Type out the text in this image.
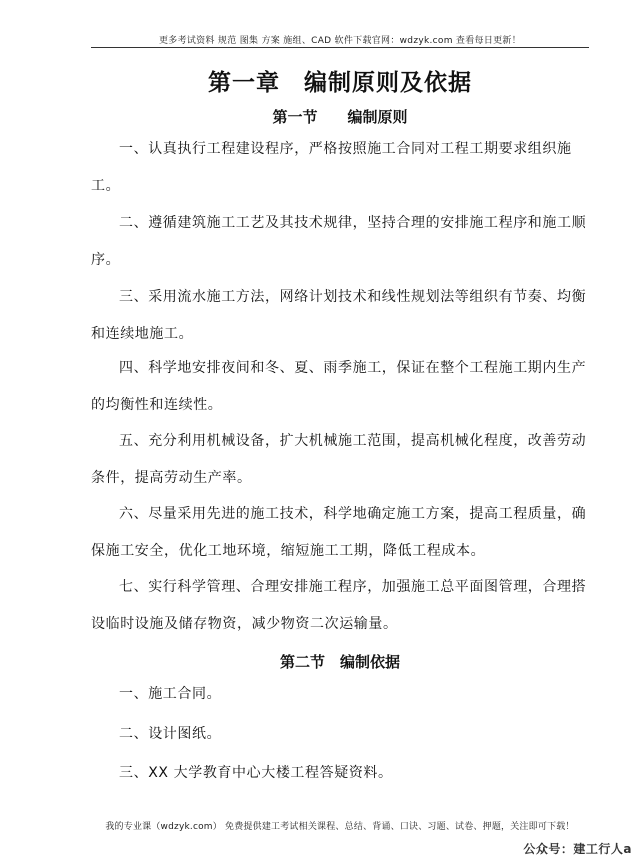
更多考试资料 规范 图集 方案 施组、CAD 软件下载官网：wdzyk.com 查看每日更新！
第一章　编制原则及依据
第一节　　编制原则

一、认真执行工程建设程序，严格按照施工合同对工程工期要求组织施工。

二、遵循建筑施工工艺及其技术规律，坚持合理的安排施工程序和施工顺序。

三、采用流水施工方法，网络计划技术和线性规划法等组织有节奏、均衡和连续地施工。

四、科学地安排夜间和冬、夏、雨季施工，保证在整个工程施工期内生产的均衡性和连续性。

五、充分利用机械设备，扩大机械施工范围，提高机械化程度，改善劳动条件，提高劳动生产率。

六、尽量采用先进的施工技术，科学地确定施工方案，提高工程质量，确保施工安全，优化工地环境，缩短施工工期，降低工程成本。

七、实行科学管理、合理安排施工程序，加强施工总平面图管理，合理搭设临时设施及储存物资，减少物资二次运输量。

第二节　编制依据

一、施工合同。

二、设计图纸。

三、XX 大学教育中心大楼工程答疑资料。

我的专业课（wdzyk.com） 免费提供建工考试相关课程、总结、背诵、口诀、习题、试卷、押题，关注即可下载！
公众号：建工行人a
